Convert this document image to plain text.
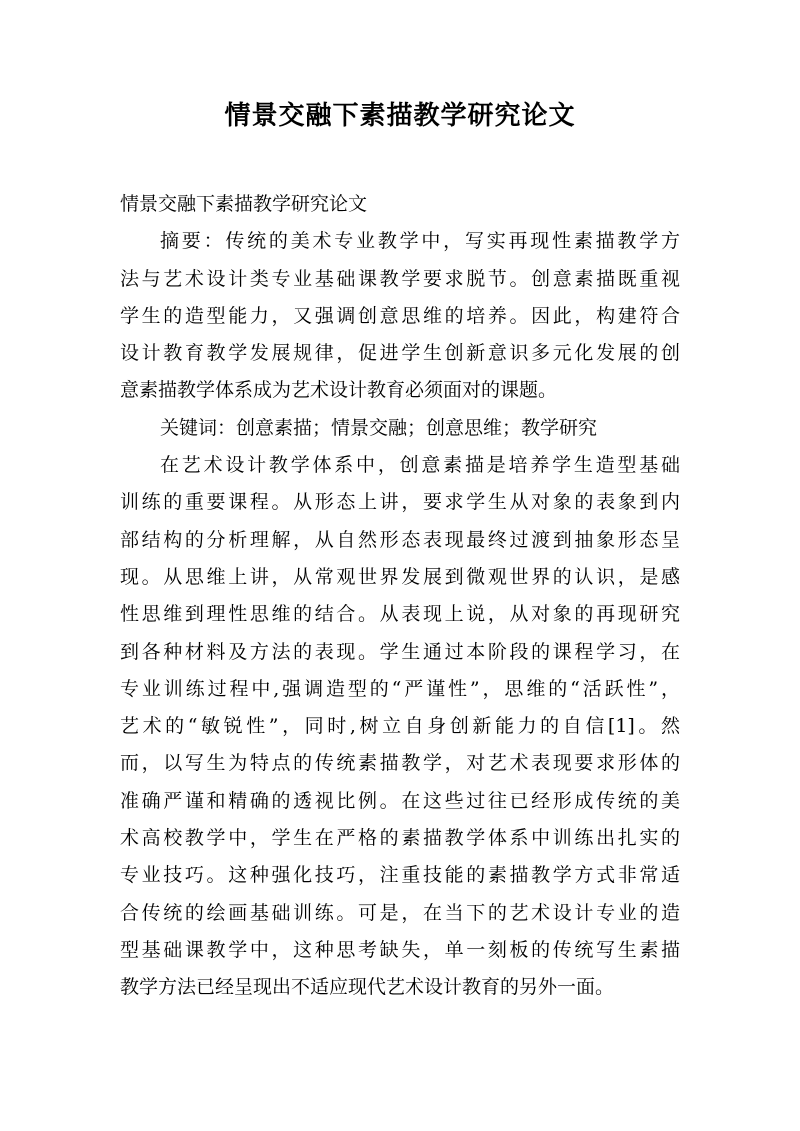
情景交融下素描教学研究论文
情景交融下素描教学研究论文
摘要：传统的美术专业教学中，写实再现性素描教学方
法与艺术设计类专业基础课教学要求脱节。创意素描既重视
学生的造型能力，又强调创意思维的培养。因此，构建符合
设计教育教学发展规律，促进学生创新意识多元化发展的创
意素描教学体系成为艺术设计教育必须面对的课题。
关键词：创意素描；情景交融；创意思维；教学研究
在艺术设计教学体系中，创意素描是培养学生造型基础
训练的重要课程。从形态上讲，要求学生从对象的表象到内
部结构的分析理解，从自然形态表现最终过渡到抽象形态呈
现。从思维上讲，从常观世界发展到微观世界的认识，是感
性思维到理性思维的结合。从表现上说，从对象的再现研究
到各种材料及方法的表现。学生通过本阶段的课程学习，在
专业训练过程中,强调造型的“严谨性”，思维的“活跃性”，
艺术的“敏锐性”，同时,树立自身创新能力的自信[1]。然
而，以写生为特点的传统素描教学，对艺术表现要求形体的
准确严谨和精确的透视比例。在这些过往已经形成传统的美
术高校教学中，学生在严格的素描教学体系中训练出扎实的
专业技巧。这种强化技巧，注重技能的素描教学方式非常适
合传统的绘画基础训练。可是，在当下的艺术设计专业的造
型基础课教学中，这种思考缺失，单一刻板的传统写生素描
教学方法已经呈现出不适应现代艺术设计教育的另外一面。
